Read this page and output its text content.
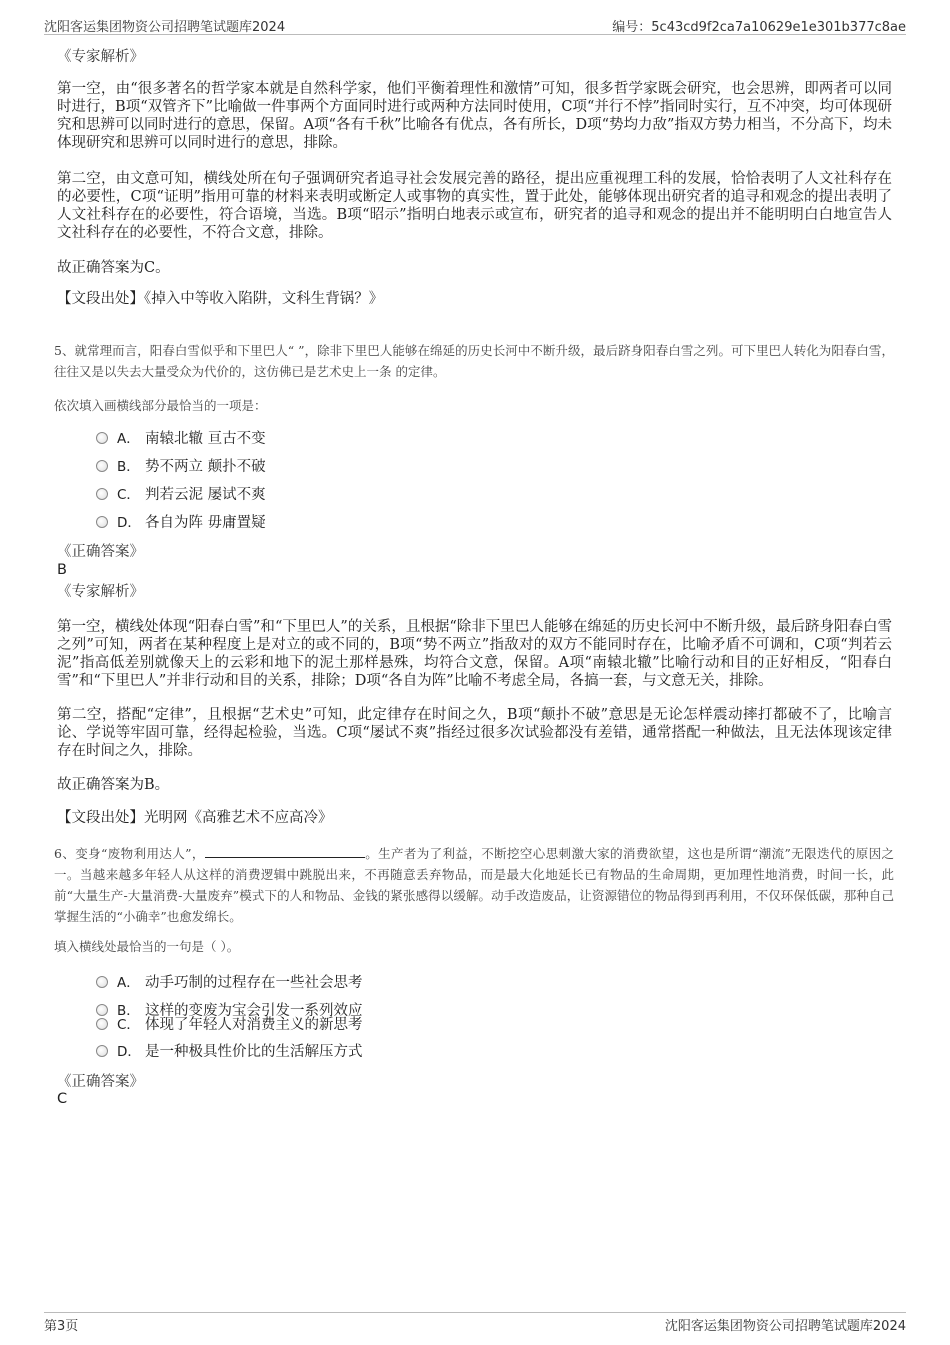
沈阳客运集团物资公司招聘笔试题库2024	编号：5c43cd9f2ca7a10629e1e301b377c8ae
《专家解析》
第一空，由“很多著名的哲学家本就是自然科学家，他们平衡着理性和激情”可知，很多哲学家既会研究，也会思辨，即两者可以同时进行，B项“双管齐下”比喻做一件事两个方面同时进行或两种方法同时使用，C项“并行不悖”指同时实行，互不冲突，均可体现研究和思辨可以同时进行的意思，保留。A项“各有千秋”比喻各有优点，各有所长，D项“势均力敌”指双方势力相当，不分高下，均未体现研究和思辨可以同时进行的意思，排除。
第二空，由文意可知，横线处所在句子强调研究者追寻社会发展完善的路径，提出应重视理工科的发展，恰恰表明了人文社科存在的必要性，C项“证明”指用可靠的材料来表明或断定人或事物的真实性，置于此处，能够体现出研究者的追寻和观念的提出表明了人文社科存在的必要性，符合语境，当选。B项“昭示”指明白地表示或宣布，研究者的追寻和观念的提出并不能明明白白地宣告人文社科存在的必要性，不符合文意，排除。
故正确答案为C。
【文段出处】《掉入中等收入陷阱，文科生背锅？》
5、就常理而言，阳春白雪似乎和下里巴人“ ”，除非下里巴人能够在绵延的历史长河中不断升级，最后跻身阳春白雪之列。可下里巴人转化为阳春白雪，往往又是以失去大量受众为代价的，这仿佛已是艺术史上一条 的定律。
依次填入画横线部分最恰当的一项是：
A． 南辕北辙 亘古不变
B． 势不两立 颠扑不破
C． 判若云泥 屡试不爽
D． 各自为阵 毋庸置疑
《正确答案》
B
《专家解析》
第一空，横线处体现“阳春白雪”和“下里巴人”的关系，且根据“除非下里巴人能够在绵延的历史长河中不断升级，最后跻身阳春白雪之列”可知，两者在某种程度上是对立的或不同的，B项“势不两立”指敌对的双方不能同时存在，比喻矛盾不可调和，C项“判若云泥”指高低差别就像天上的云彩和地下的泥土那样悬殊，均符合文意，保留。A项“南辕北辙”比喻行动和目的正好相反，“阳春白雪”和“下里巴人”并非行动和目的关系，排除；D项“各自为阵”比喻不考虑全局，各搞一套，与文意无关，排除。
第二空，搭配“定律”，且根据“艺术史”可知，此定律存在时间之久，B项“颠扑不破”意思是无论怎样震动摔打都破不了，比喻言论、学说等牢固可靠，经得起检验，当选。C项“屡试不爽”指经过很多次试验都没有差错，通常搭配一种做法，且无法体现该定律存在时间之久，排除。
故正确答案为B。
【文段出处】光明网《高雅艺术不应高冷》
6、变身“废物利用达人”，	。生产者为了利益，不断挖空心思刺激大家的消费欲望，这也是所谓“潮流”无限迭代的原因之一。当越来越多年轻人从这样的消费逻辑中跳脱出来，不再随意丢弃物品，而是最大化地延长已有物品的生命周期，更加理性地消费，时间一长，此前“大量生产-大量消费-大量废弃”模式下的人和物品、金钱的紧张感得以缓解。动手改造废品，让资源错位的物品得到再利用，不仅环保低碳，那种自己掌握生活的“小确幸”也愈发绵长。
填入横线处最恰当的一句是（ ）。
A． 动手巧制的过程存在一些社会思考
B． 这样的变废为宝会引发一系列效应
C． 体现了年轻人对消费主义的新思考
D． 是一种极具性价比的生活解压方式
《正确答案》
C
第3页	沈阳客运集团物资公司招聘笔试题库2024
